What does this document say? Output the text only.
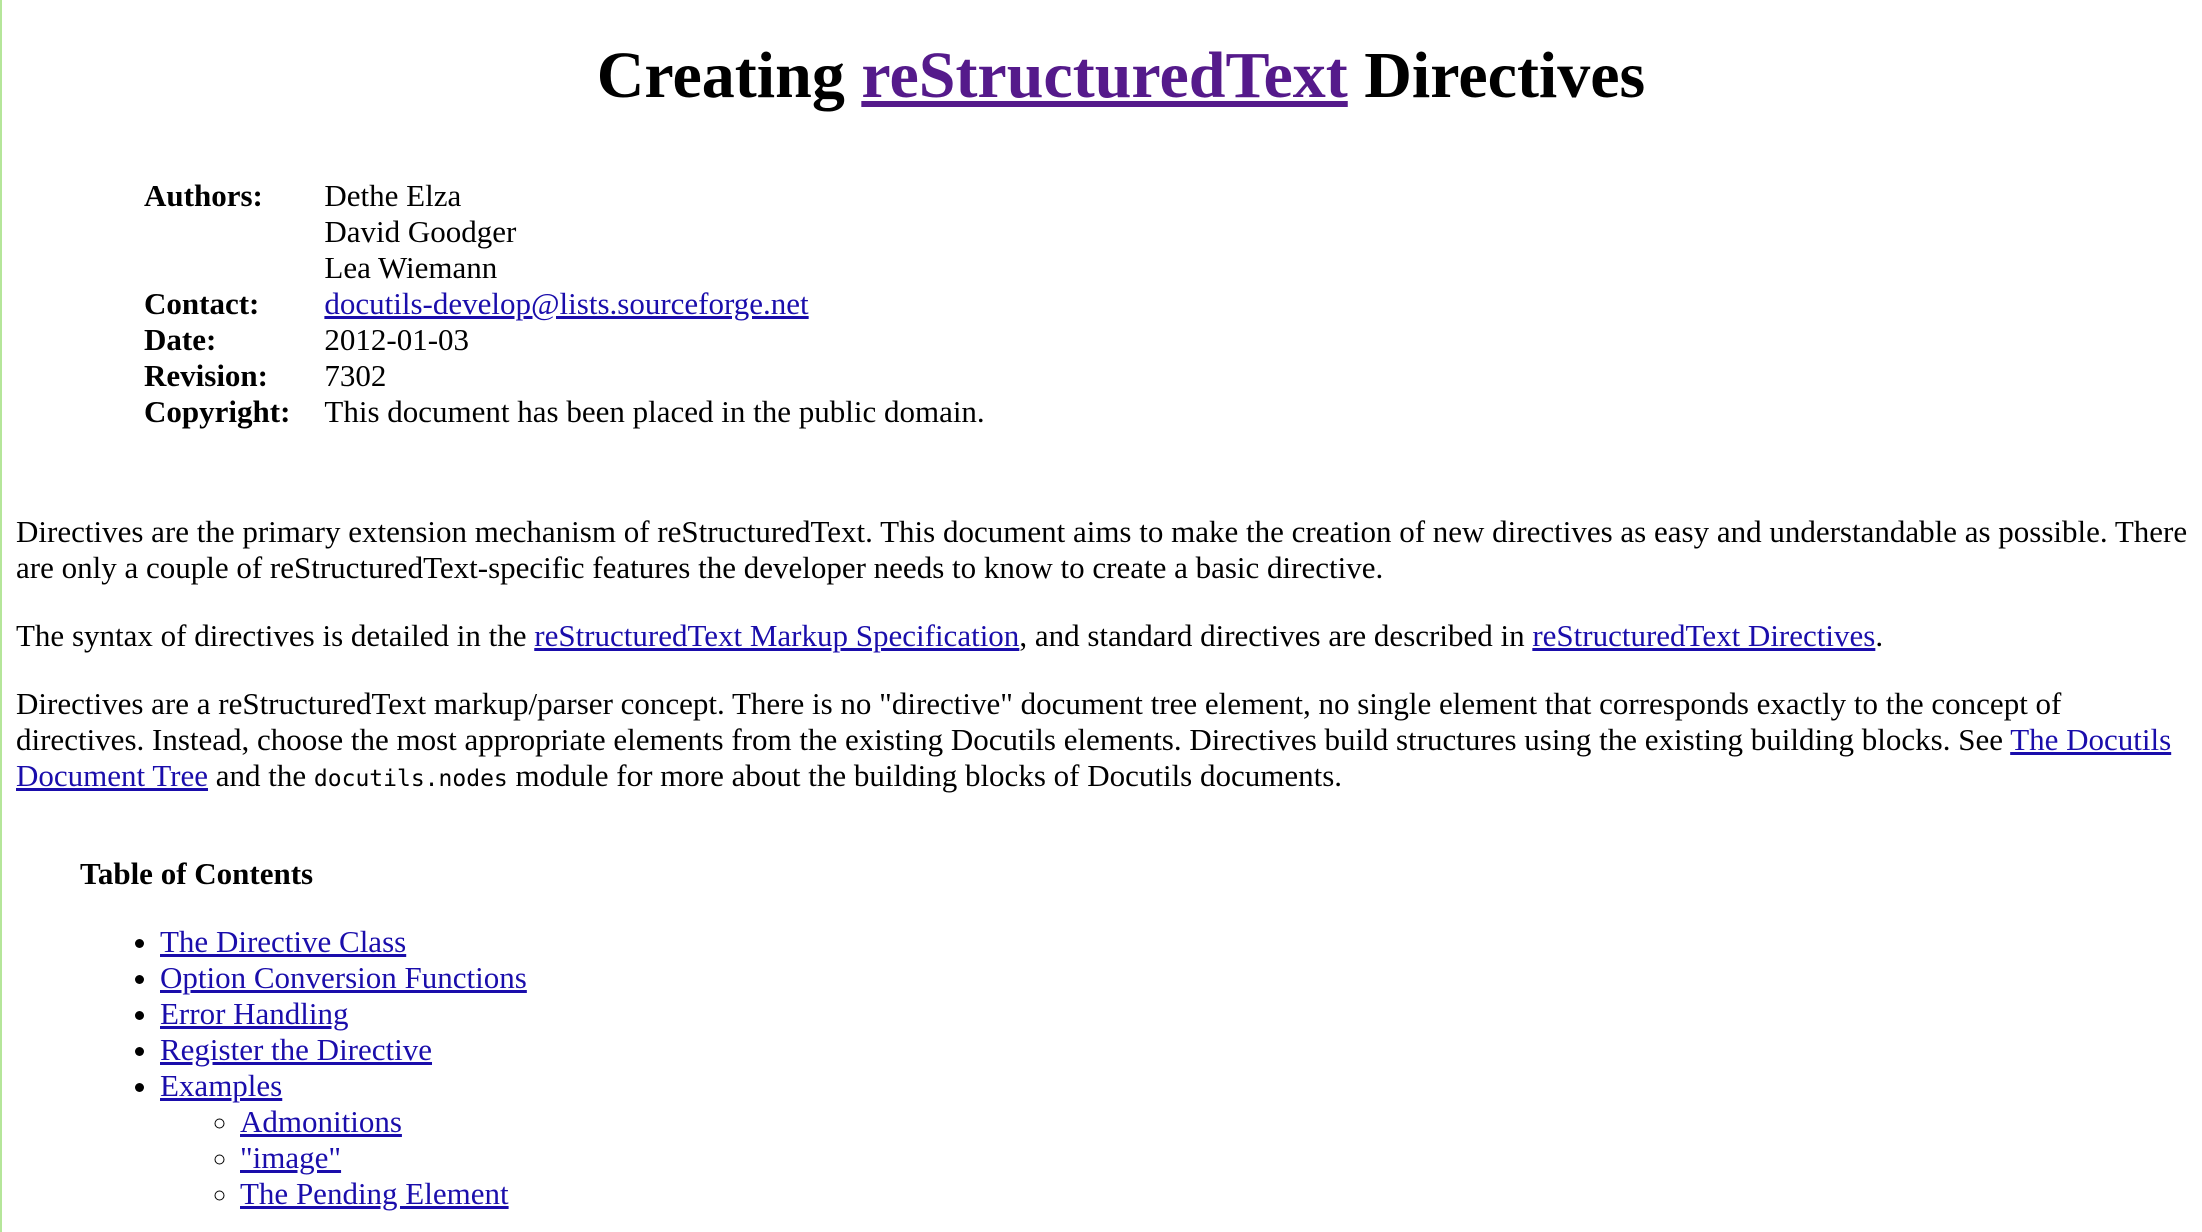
Creating reStructuredText Directives
Authors:	Dethe Elza
David Goodger
Lea Wiemann

Contact:	docutils-develop@lists.sourceforge.net
Date:	2012-01-03
Revision:	7302
Copyright:	This document has been placed in the public domain.

Directives are the primary extension mechanism of reStructuredText. This document aims to make the creation of new directives as easy and understandable as possible. There are only a couple of reStructuredText-specific features the developer needs to know to create a basic directive.

The syntax of directives is detailed in the reStructuredText Markup Specification, and standard directives are described in reStructuredText Directives.

Directives are a reStructuredText markup/parser concept. There is no "directive" document tree element, no single element that corresponds exactly to the concept of directives. Instead, choose the most appropriate elements from the existing Docutils elements. Directives build structures using the existing building blocks. See The Docutils Document Tree and the docutils.nodes module for more about the building blocks of Docutils documents.

Table of Contents
• The Directive Class
• Option Conversion Functions
• Error Handling
• Register the Directive
• Examples
◦ Admonitions
◦ "image"
◦ The Pending Element
